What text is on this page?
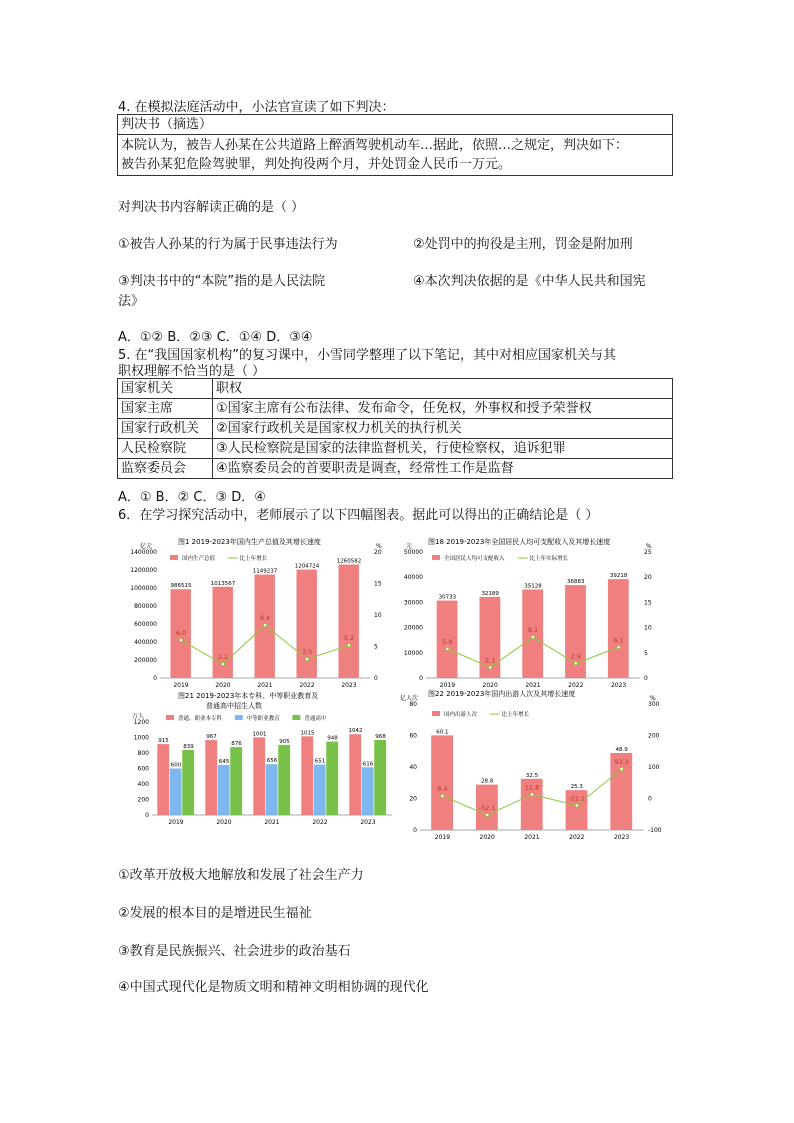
4. 在模拟法庭活动中，小法官宣读了如下判决：
判决书（摘选）

本院认为，被告人孙某在公共道路上醉酒驾驶机动车…据此，依照…之规定，判决如下：
被告孙某犯危险驾驶罪，判处拘役两个月，并处罚金人民币一万元。
对判决书内容解读正确的是（ ）
①被告人孙某的行为属于民事违法行为	②处罚中的拘役是主刑，罚金是附加刑
③判决书中的“本院”指的是人民法院	④本次判决依据的是《中华人民共和国宪
法》
A．①② B．②③ C．①④ D．③④
5. 在“我国国家机构”的复习课中，小雪同学整理了以下笔记，其中对相应国家机关与其
职权理解不恰当的是（ ）
国家机关	职权
国家主席	①国家主席有公布法律、发布命令，任免权，外事权和授予荣誉权
国家行政机关	②国家行政机关是国家权力机关的执行机关
人民检察院	③人民检察院是国家的法律监督机关，行使检察权，追诉犯罪
监察委员会	④监察委员会的首要职责是调查，经常性工作是监督
A．① B．② C．③ D．④
6．在学习探究活动中，老师展示了以下四幅图表。据此可以得出的正确结论是（ ）
图1 2019-2023年国内生产总值及其增长速度
亿元	%
0
200000
400000
600000
800000
1000000
1200000
1400000
0
5
10
15
20
2019	2020	2021	2022	2023
国内生产总值	比上年增长
986515	1013567
1149237
1204724
1260582
6.0
2.2
8.4
3.0
5.2
图18 2019-2023年全国居民人均可支配收入及其增长速度
元	%
0
10000
20000
30000
40000
50000
0
5
10
15
20
25
2019	2020	2021	2022	2023
全国居民人均可支配收入	比上年实际增长
30733
32189
35128
36883
39218
5.8
2.1
8.1
2.9
6.1
图21 2019-2023年本专科、中等职业教育及
普通高中招生人数
万人
0
200
400
600
800
1000
1200
2019	2020	2021	2022	2023
普通、职业本专科	中等职业教育	普通高中
915
967	1001	1015	1042
600
645	656	651	616
839	876	905
948	968
图22 2019-2023年国内出游人次及其增长速度
亿人次	%
0
20
40
60
80
-100
0
100
200
300
2019	2020	2021	2022	2023
国内出游人次	比上年增长
60.1
28.8
32.5
25.3
48.9
8.4
-52.1
12.8
-22.1
93.3
①改革开放极大地解放和发展了社会生产力
②发展的根本目的是增进民生福祉
③教育是民族振兴、社会进步的政治基石
④中国式现代化是物质文明和精神文明相协调的现代化
